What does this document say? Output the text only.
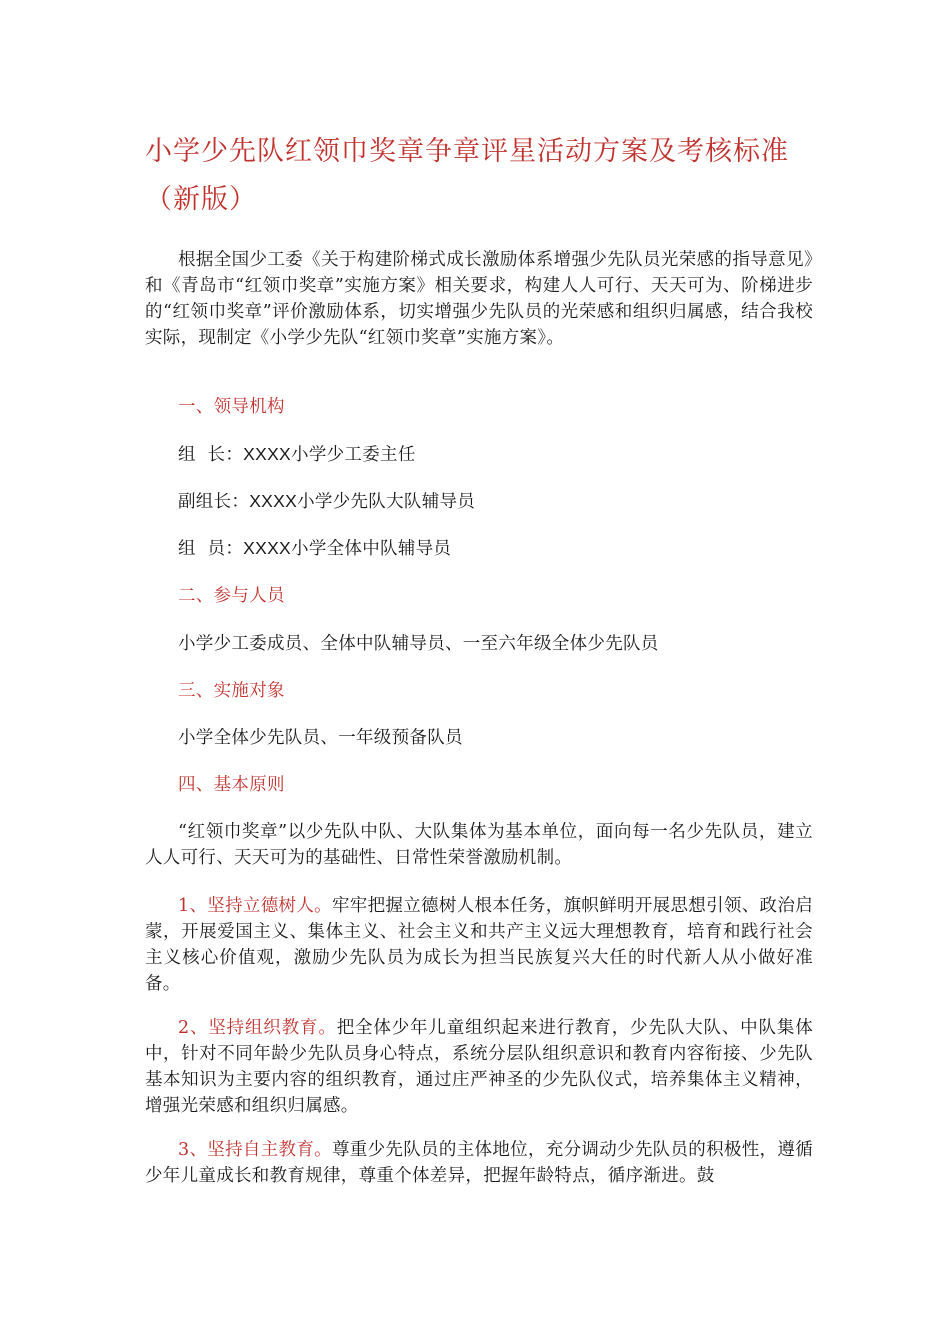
小学少先队红领巾奖章争章评星活动方案及考核标准（新版）
根据全国少工委《关于构建阶梯式成长激励体系增强少先队员光荣感的指导意见》和《青岛市“红领巾奖章”实施方案》相关要求，构建人人可行、天天可为、阶梯进步的“红领巾奖章”评价激励体系，切实增强少先队员的光荣感和组织归属感，结合我校实际，现制定《小学少先队“红领巾奖章”实施方案》。
一、领导机构
组  长：XXXX小学少工委主任
副组长：XXXX小学少先队大队辅导员
组  员：XXXX小学全体中队辅导员
二、参与人员
小学少工委成员、全体中队辅导员、一至六年级全体少先队员
三、实施对象
小学全体少先队员、一年级预备队员
四、基本原则
“红领巾奖章”以少先队中队、大队集体为基本单位，面向每一名少先队员，建立人人可行、天天可为的基础性、日常性荣誉激励机制。
1、坚持立德树人。牢牢把握立德树人根本任务，旗帜鲜明开展思想引领、政治启蒙，开展爱国主义、集体主义、社会主义和共产主义远大理想教育，培育和践行社会主义核心价值观，激励少先队员为成长为担当民族复兴大任的时代新人从小做好准备。
2、坚持组织教育。把全体少年儿童组织起来进行教育，少先队大队、中队集体中，针对不同年龄少先队员身心特点，系统分层队组织意识和教育内容衔接、少先队基本知识为主要内容的组织教育，通过庄严神圣的少先队仪式，培养集体主义精神，增强光荣感和组织归属感。
3、坚持自主教育。尊重少先队员的主体地位，充分调动少先队员的积极性，遵循少年儿童成长和教育规律，尊重个体差异，把握年龄特点，循序渐进。鼓
